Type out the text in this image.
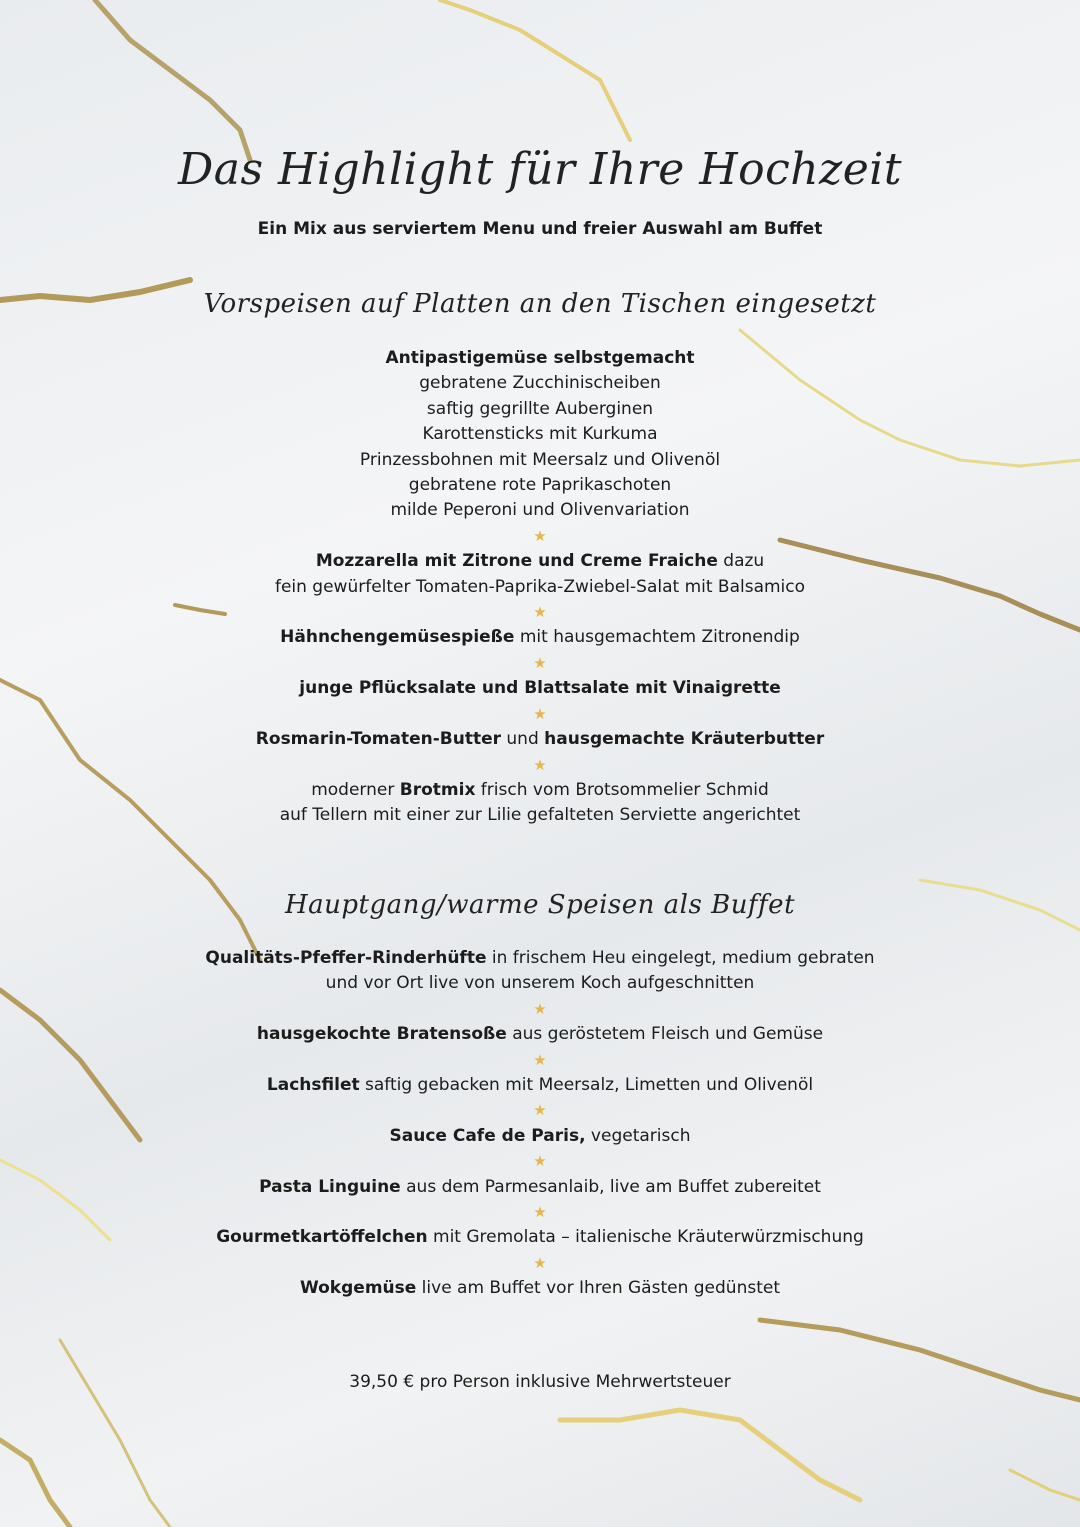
Das Highlight für Ihre Hochzeit
Ein Mix aus serviertem Menu und freier Auswahl am Buffet
Vorspeisen auf Platten an den Tischen eingesetzt
Antipastigemüse selbstgemacht
gebratene Zucchinischeiben
saftig gegrillte Auberginen
Karottensticks mit Kurkuma
Prinzessbohnen mit Meersalz und Olivenöl
gebratene rote Paprikaschoten
milde Peperoni und Olivenvariation
★
Mozzarella mit Zitrone und Creme Fraiche dazu
fein gewürfelter Tomaten-Paprika-Zwiebel-Salat mit Balsamico
★
Hähnchengemüsespieße mit hausgemachtem Zitronendip
★
junge Pflücksalate und Blattsalate mit Vinaigrette
★
Rosmarin-Tomaten-Butter und hausgemachte Kräuterbutter
★
moderner Brotmix frisch vom Brotsommelier Schmid
auf Tellern mit einer zur Lilie gefalteten Serviette angerichtet
Hauptgang/warme Speisen als Buffet
Qualitäts-Pfeffer-Rinderhüfte in frischem Heu eingelegt, medium gebraten
und vor Ort live von unserem Koch aufgeschnitten
★
hausgekochte Bratensoße aus geröstetem Fleisch und Gemüse
★
Lachsfilet saftig gebacken mit Meersalz, Limetten und Olivenöl
★
Sauce Cafe de Paris, vegetarisch
★
Pasta Linguine aus dem Parmesanlaib, live am Buffet zubereitet
★
Gourmetkartöffelchen mit Gremolata – italienische Kräuterwürzmischung
★
Wokgemüse live am Buffet vor Ihren Gästen gedünstet
39,50 € pro Person inklusive Mehrwertsteuer
